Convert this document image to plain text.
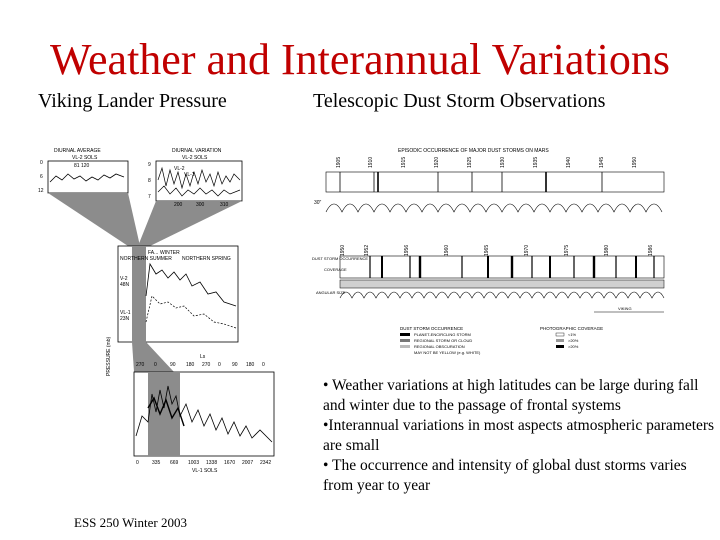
Weather and Interannual Variations
Viking Lander Pressure	Telescopic Dust Storm Observations
DIURNAL AVERAGE
VL-2 SOLS
81 120
0
6
12
DIURNAL VARIATION
VL-2 SOLS
VL-2
VL-1
9
8
7
200	300	310
WINTER
NORTHERN SUMMER NORTHERN SPRING
FA...
V-2
48N
VL-1
23N
PRESSURE (mb)	Ls
270 0	90 180 270 0 90 180 0
0	335 669 1003 1338 1670 2007 2342
VL-1 SOLS
EPISODIC OCCURRENCE OF MAJOR DUST STORMS ON MARS
1905	1910	1915	1920	1925	1930	1935	1940	1945	1950
30"
1950	1952	1956	1960	1965	1970	1975	1980	1986
DUST STORM OCCURRENCE
COVERAGE
ANGULAR SIZE
VIKING
DUST STORM OCCURRENCE
PLANET-ENCIRCLING STORM
REGIONAL STORM OR CLOUD
REGIONAL OBSCURATION
MAY NOT BE YELLOW (e.g. WHITE)
PHOTOGRAPHIC COVERAGE
<1%
>20%
>20%
• Weather variations at high latitudes can be large during fall and winter due to the passage of frontal systems
•Interannual variations in most aspects atmospheric parameters are small
• The occurrence and intensity of global dust storms varies from year to year
ESS 250 Winter 2003
